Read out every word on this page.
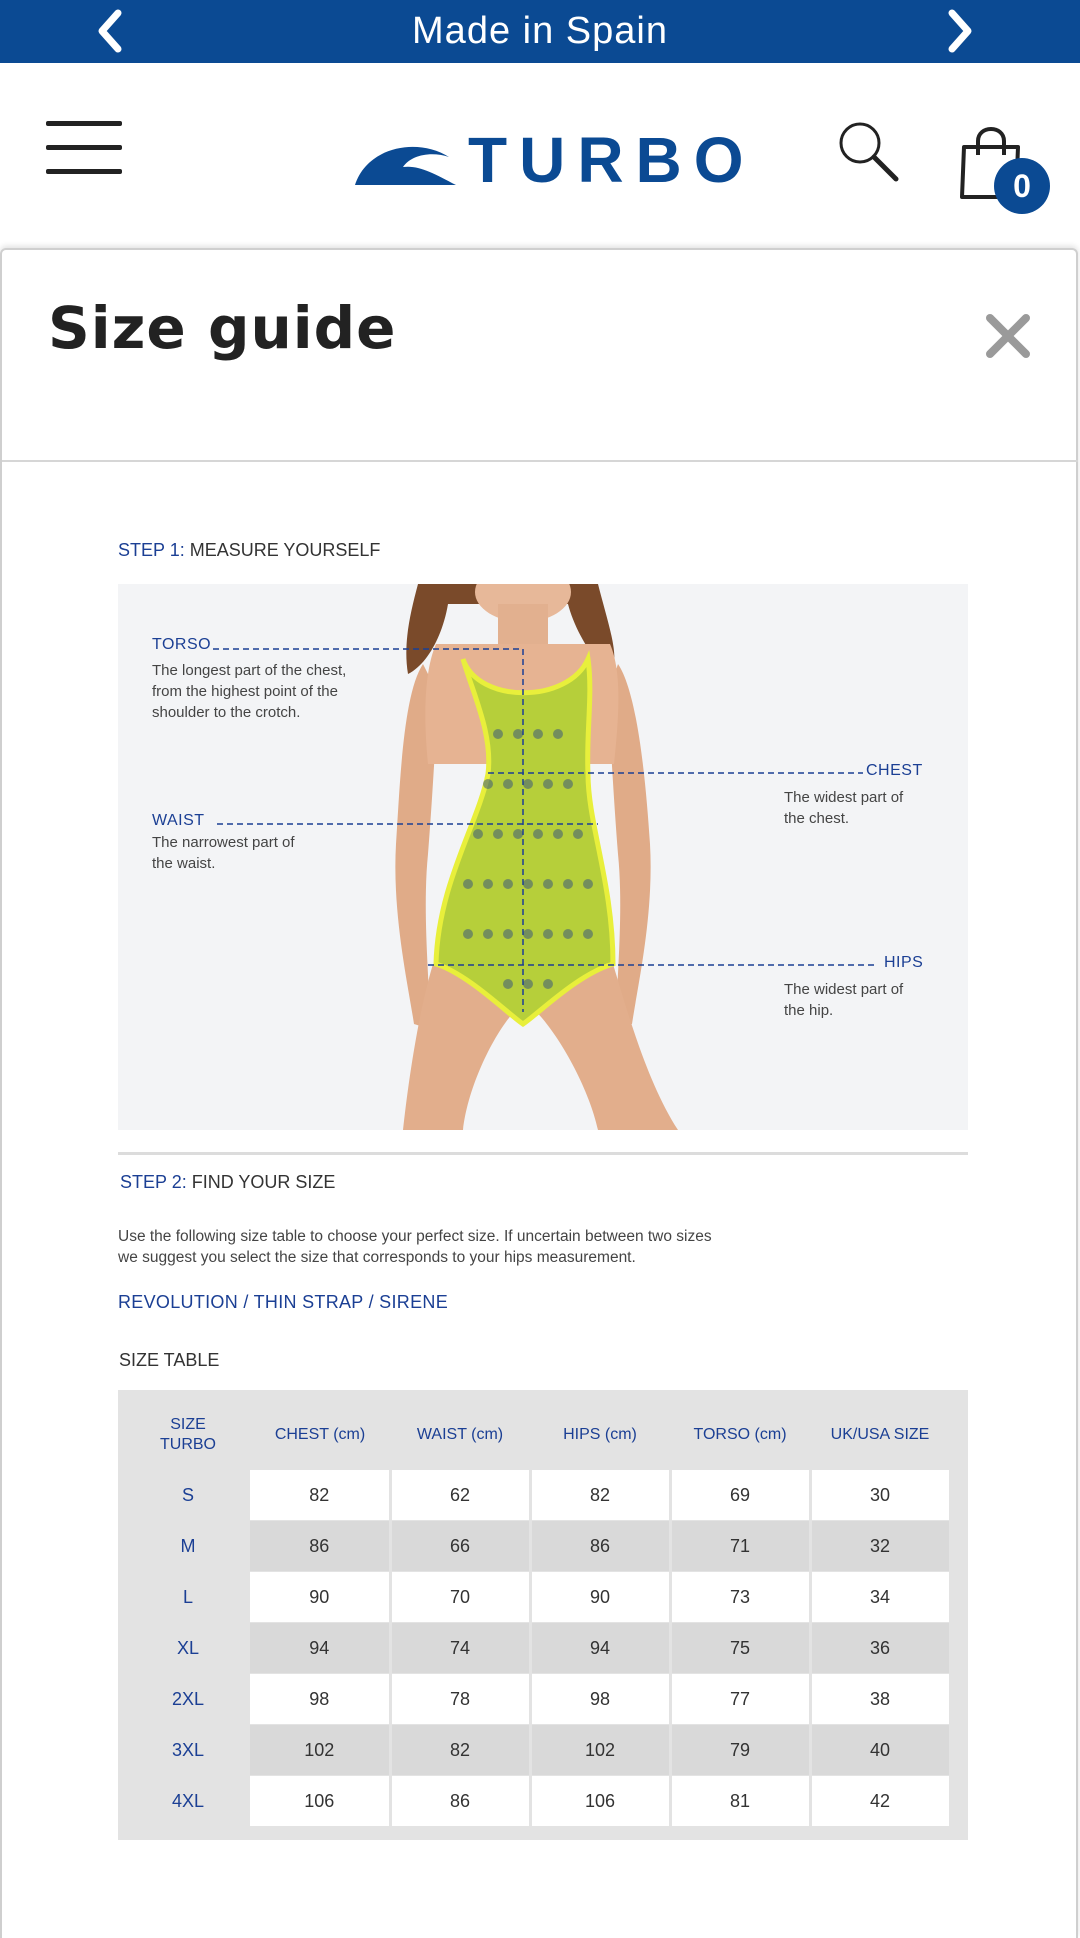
Made in Spain
TURBO	0
Size guide
STEP 1: MEASURE YOURSELF
TORSO
The longest part of the chest,
from the highest point of the
shoulder to the crotch.
WAIST
The narrowest part of
the waist.
CHEST
The widest part of
the chest.
HIPS
The widest part of
the hip.
STEP 2: FIND YOUR SIZE
Use the following size table to choose your perfect size. If uncertain between two sizes
we suggest you select the size that corresponds to your hips measurement.
REVOLUTION / THIN STRAP / SIRENE
SIZE TABLE
SIZE
TURBO	CHEST (cm)	WAIST (cm)	HIPS (cm)	TORSO (cm)	UK/USA SIZE
S	82	62	82	69	30
M	86	66	86	71	32
L	90	70	90	73	34
XL	94	74	94	75	36
2XL	98	78	98	77	38
3XL	102	82	102	79	40
4XL	106	86	106	81	42
